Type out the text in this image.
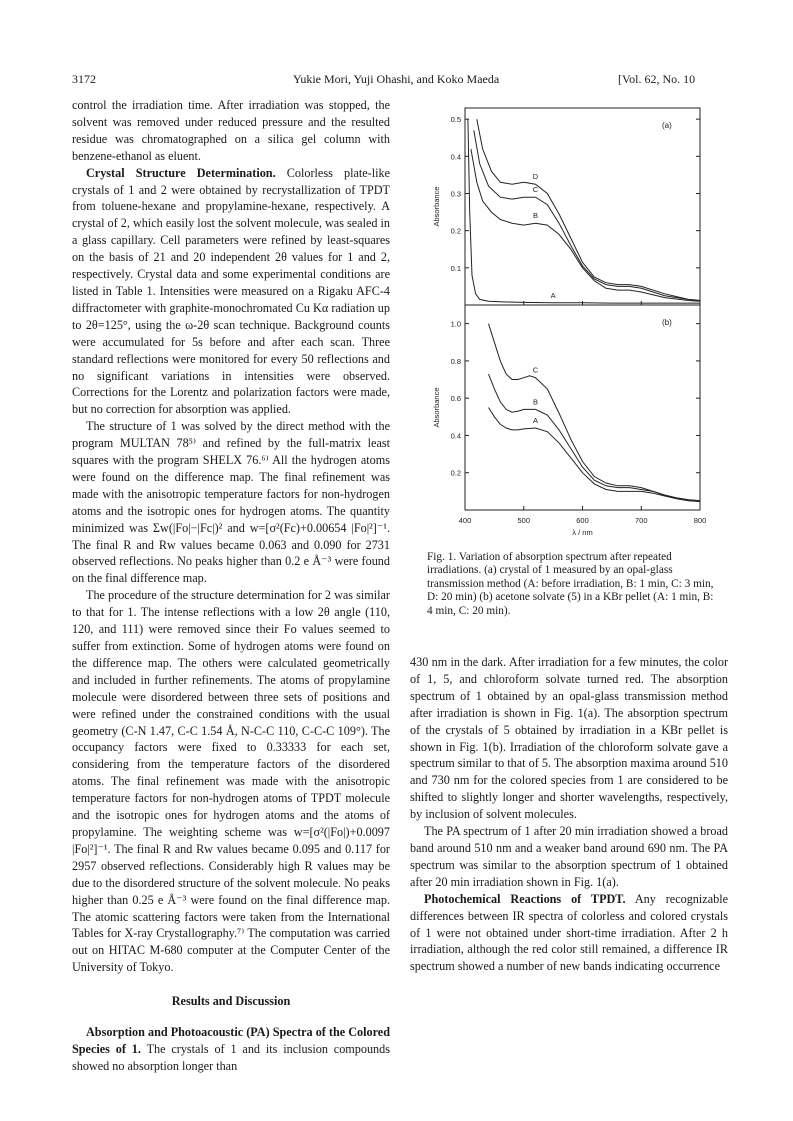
3172	Yukie Mori, Yuji Ohashi, and Koko Maeda	[Vol. 62, No. 10

control the irradiation time. After irradiation was stopped, the solvent was removed under reduced pressure and the resulted residue was chromatographed on a silica gel column with benzene-ethanol as eluent.

Crystal Structure Determination. Colorless plate-like crystals of 1 and 2 were obtained by recrystallization of TPDT from toluene-hexane and propylamine-hexane, respectively. A crystal of 2, which easily lost the solvent molecule, was sealed in a glass capillary. Cell parameters were refined by least-squares on the basis of 21 and 20 independent 2θ values for 1 and 2, respectively. Crystal data and some experimental conditions are listed in Table 1. Intensities were measured on a Rigaku AFC-4 diffractometer with graphite-monochromated Cu Kα radiation up to 2θ=125°, using the ω-2θ scan technique. Background counts were accumulated for 5s before and after each scan. Three standard reflections were monitored for every 50 reflections and no significant variations in intensities were observed. Corrections for the Lorentz and polarization factors were made, but no correction for absorption was applied.

The structure of 1 was solved by the direct method with the program MULTAN 78⁵⁾ and refined by the full-matrix least squares with the program SHELX 76.⁶⁾ All the hydrogen atoms were found on the difference map. The final refinement was made with the anisotropic temperature factors for non-hydrogen atoms and the isotropic ones for hydrogen atoms. The quantity minimized was Σw(|Fo|−|Fc|)² and w=[σ²(Fc)+0.00654 |Fo|²]⁻¹. The final R and Rw values became 0.063 and 0.090 for 2731 observed reflections. No peaks higher than 0.2 e Å⁻³ were found on the final difference map.

The procedure of the structure determination for 2 was similar to that for 1. The intense reflections with a low 2θ angle (110, 120, and 111) were removed since their Fo values seemed to suffer from extinction. Some of hydrogen atoms were found on the difference map. The others were calculated geometrically and included in further refinements. The atoms of propylamine molecule were disordered between three sets of positions and were refined under the constrained conditions with the usual geometry (C-N 1.47, C-C 1.54 Å, N-C-C 110, C-C-C 109°). The occupancy factors were fixed to 0.33333 for each set, considering from the temperature factors of the disordered atoms. The final refinement was made with the anisotropic temperature factors for non-hydrogen atoms of TPDT molecule and the isotropic ones for hydrogen atoms and the atoms of propylamine. The weighting scheme was w=[σ²(|Fo|)+0.0097 |Fo|²]⁻¹. The final R and Rw values became 0.095 and 0.117 for 2957 observed reflections. Considerably high R values may be due to the disordered structure of the solvent molecule. No peaks higher than 0.25 e Å⁻³ were found on the final difference map. The atomic scattering factors were taken from the International Tables for X-ray Crystallography.⁷⁾ The computation was carried out on HITAC M-680 computer at the Computer Center of the University of Tokyo.

Results and Discussion

Absorption and Photoacoustic (PA) Spectra of the Colored Species of 1. The crystals of 1 and its inclusion compounds showed no absorption longer than

0.1
0.2
0.3
0.4
0.5
Absorbance
(a)
A
B
C
D
0.2
0.4
0.6
0.8
1.0
Absorbance
(b)
A
B
C
400	500	600	700	800
λ / nm
Fig. 1. Variation of absorption spectrum after repeated irradiations. (a) crystal of 1 measured by an opal-glass transmission method (A: before irradiation, B: 1 min, C: 3 min, D: 20 min) (b) acetone solvate (5) in a KBr pellet (A: 1 min, B: 4 min, C: 20 min).

430 nm in the dark. After irradiation for a few minutes, the color of 1, 5, and chloroform solvate turned red. The absorption spectrum of 1 obtained by an opal-glass transmission method after irradiation is shown in Fig. 1(a). The absorption spectrum of the crystals of 5 obtained by irradiation in a KBr pellet is shown in Fig. 1(b). Irradiation of the chloroform solvate gave a spectrum similar to that of 5. The absorption maxima around 510 and 730 nm for the colored species from 1 are considered to be shifted to slightly longer and shorter wavelengths, respectively, by inclusion of solvent molecules.

The PA spectrum of 1 after 20 min irradiation showed a broad band around 510 nm and a weaker band around 690 nm. The PA spectrum was similar to the absorption spectrum of 1 obtained after 20 min irradiation shown in Fig. 1(a).

Photochemical Reactions of TPDT. Any recognizable differences between IR spectra of colorless and colored crystals of 1 were not obtained under short-time irradiation. After 2 h irradiation, although the red color still remained, a difference IR spectrum showed a number of new bands indicating occurrence
